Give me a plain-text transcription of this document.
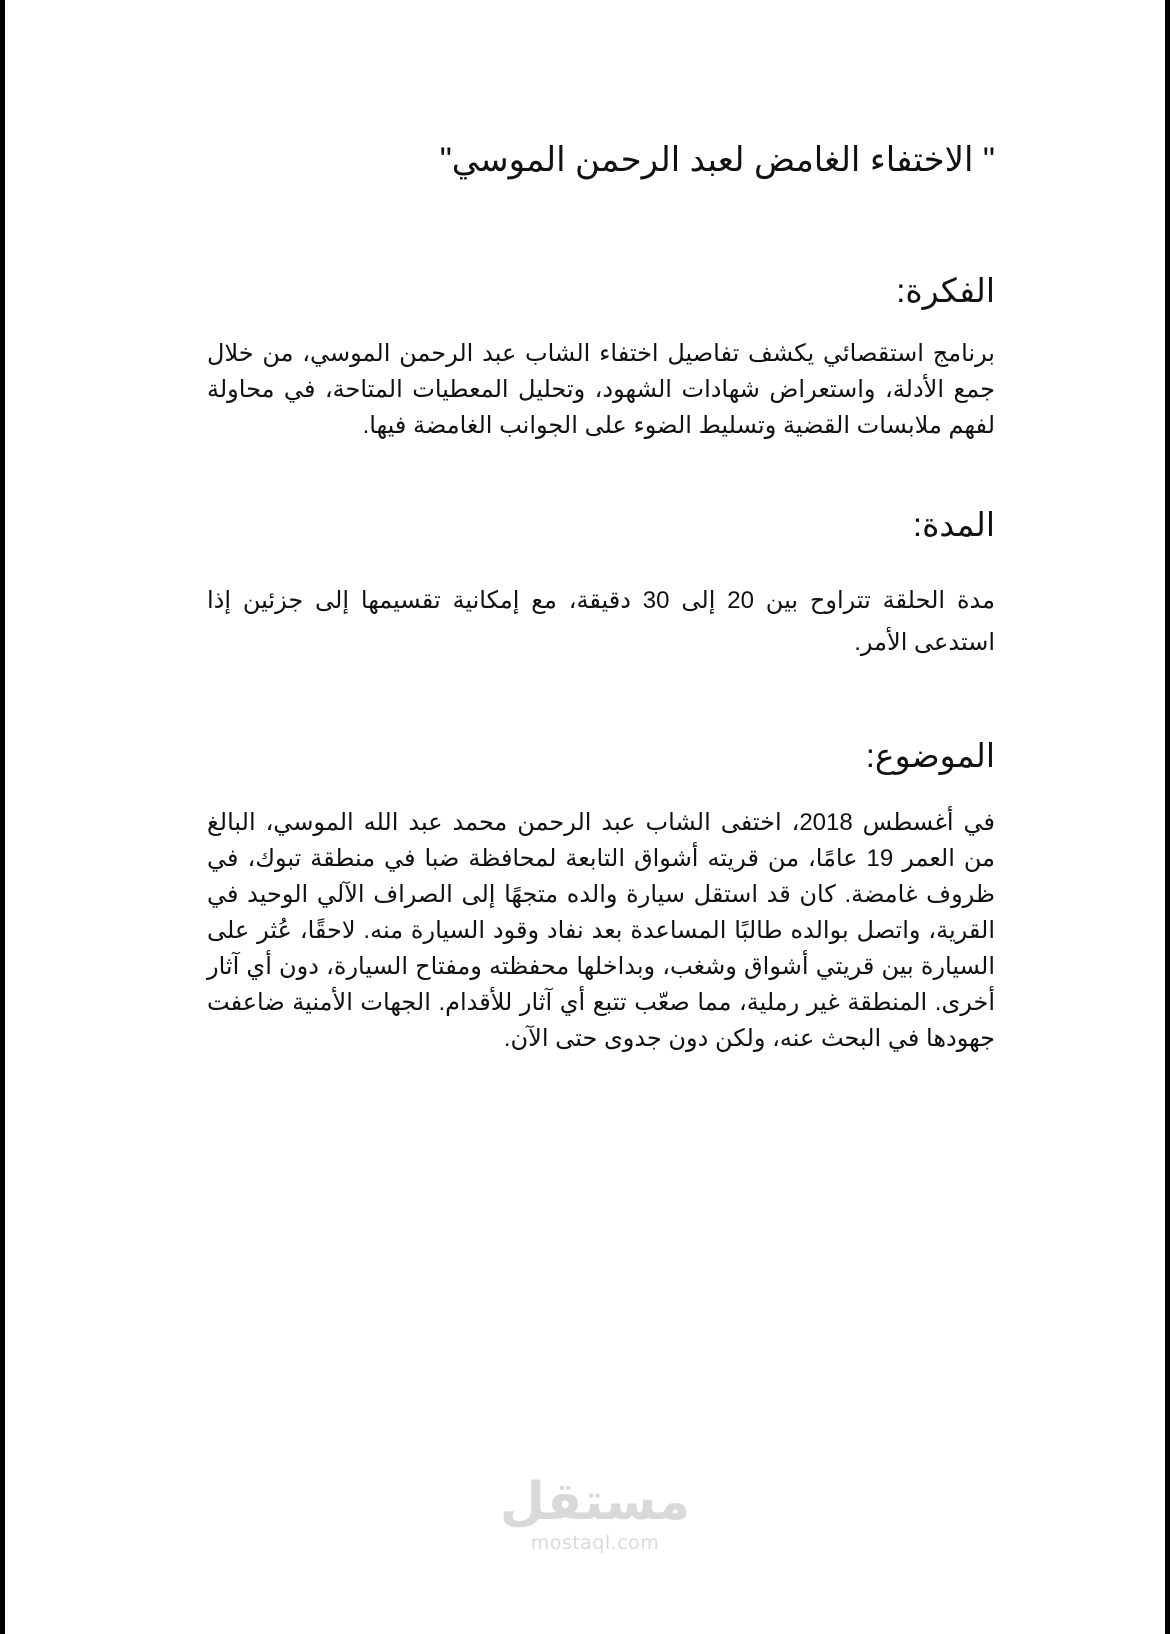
" الاختفاء الغامض لعبد الرحمن الموسي"
الفكرة:

برنامج استقصائي يكشف تفاصيل اختفاء الشاب عبد الرحمن الموسي، من خلال جمع الأدلة، واستعراض شهادات الشهود، وتحليل المعطيات المتاحة، في محاولة لفهم ملابسات القضية وتسليط الضوء على الجوانب الغامضة فيها.

المدة:

مدة الحلقة تتراوح بين 20 إلى 30 دقيقة، مع إمكانية تقسيمها إلى جزئين إذا استدعى الأمر.

الموضوع:

في أغسطس 2018، اختفى الشاب عبد الرحمن محمد عبد الله الموسي، البالغ من العمر 19 عامًا، من قريته أشواق التابعة لمحافظة ضبا في منطقة تبوك، في ظروف غامضة. كان قد استقل سيارة والده متجهًا إلى الصراف الآلي الوحيد في القرية، واتصل بوالده طالبًا المساعدة بعد نفاد وقود السيارة منه. لاحقًا، عُثر على السيارة بين قريتي أشواق وشغب، وبداخلها محفظته ومفتاح السيارة، دون أي آثار أخرى. المنطقة غير رملية، مما صعّب تتبع أي آثار للأقدام. الجهات الأمنية ضاعفت جهودها في البحث عنه، ولكن دون جدوى حتى الآن.

مستقل
mostaql.com
